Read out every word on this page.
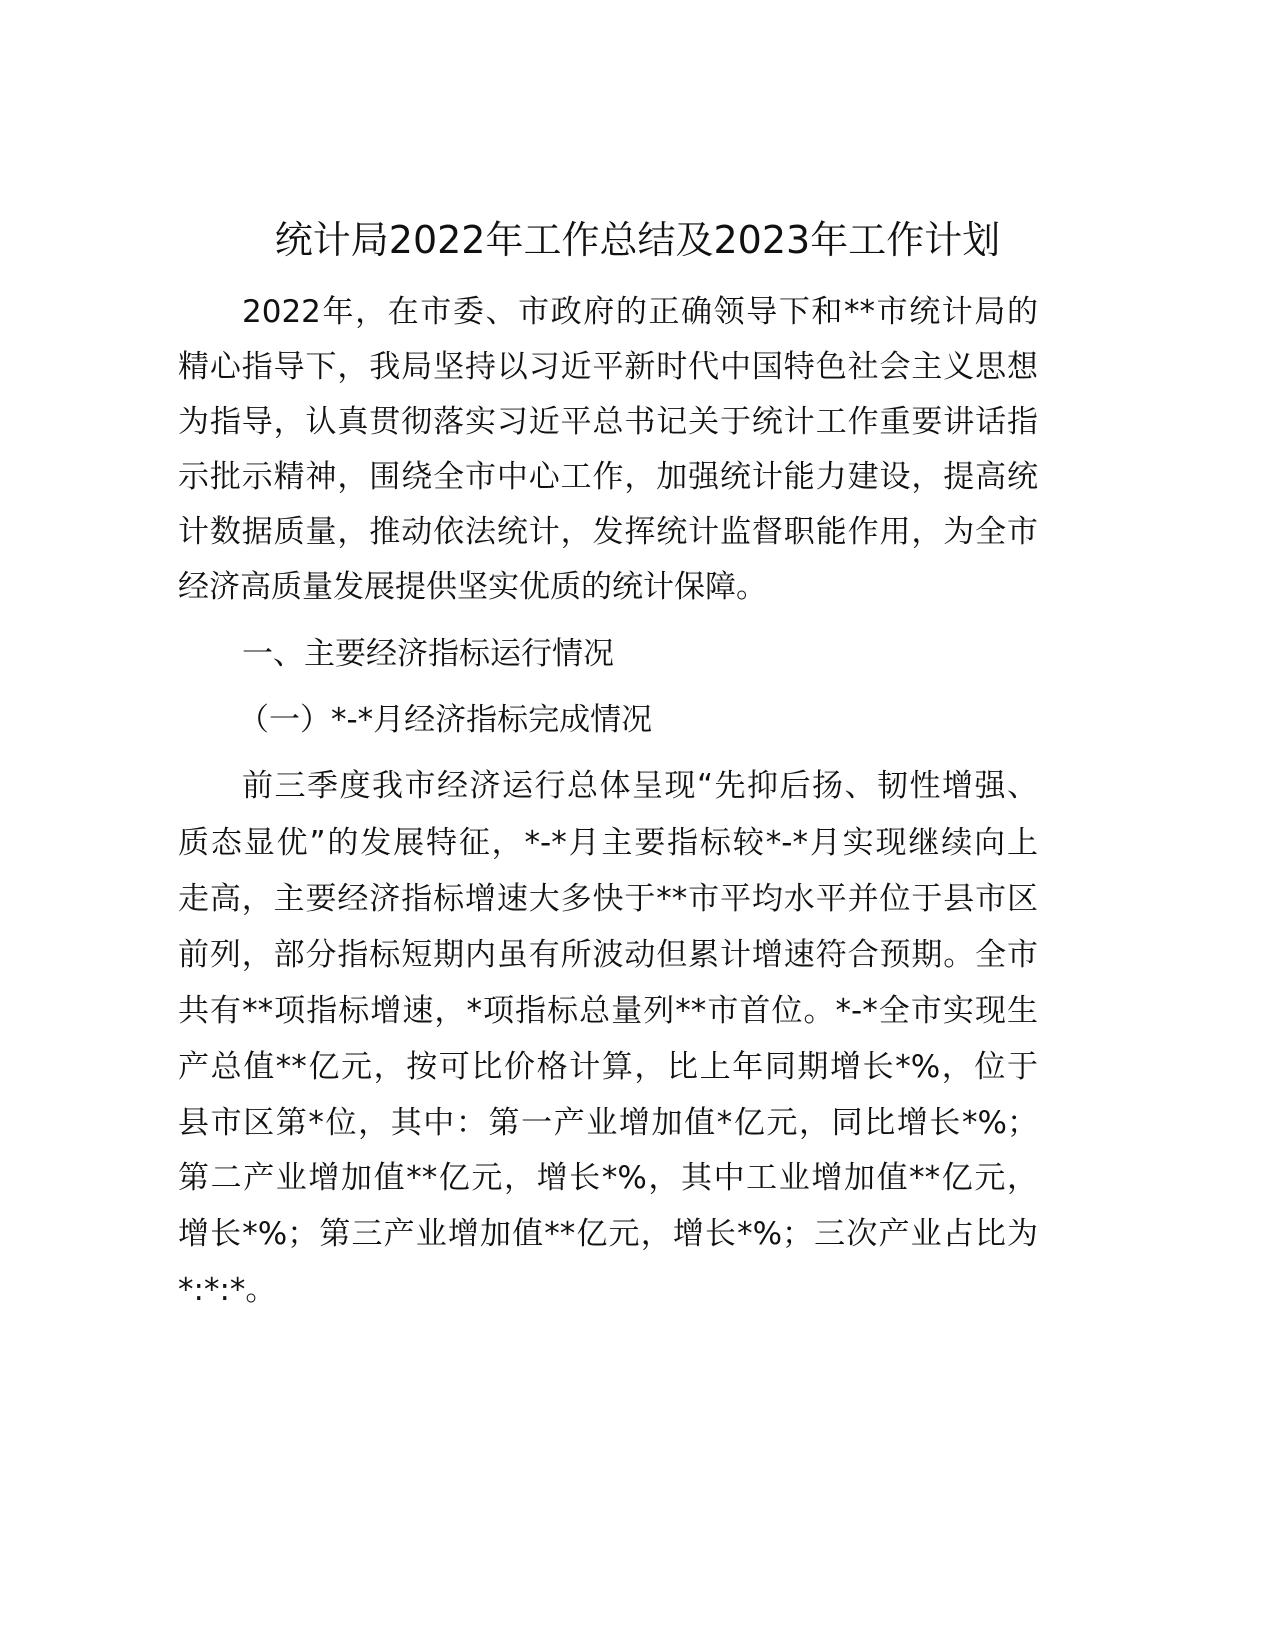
统计局2022年工作总结及2023年工作计划
2022年，在市委、市政府的正确领导下和**市统计局的
精心指导下，我局坚持以习近平新时代中国特色社会主义思想
为指导，认真贯彻落实习近平总书记关于统计工作重要讲话指
示批示精神，围绕全市中心工作，加强统计能力建设，提高统
计数据质量，推动依法统计，发挥统计监督职能作用，为全市
经济高质量发展提供坚实优质的统计保障。
一、主要经济指标运行情况
（一）*-*月经济指标完成情况
前三季度我市经济运行总体呈现“先抑后扬、韧性增强、
质态显优”的发展特征，*-*月主要指标较*-*月实现继续向上
走高，主要经济指标增速大多快于**市平均水平并位于县市区
前列，部分指标短期内虽有所波动但累计增速符合预期。全市
共有**项指标增速，*项指标总量列**市首位。*-*全市实现生
产总值**亿元，按可比价格计算，比上年同期增长*%，位于
县市区第*位，其中：第一产业增加值*亿元，同比增长*%；
第二产业增加值**亿元，增长*%，其中工业增加值**亿元，
增长*%；第三产业增加值**亿元，增长*%；三次产业占比为
*:*:*。
